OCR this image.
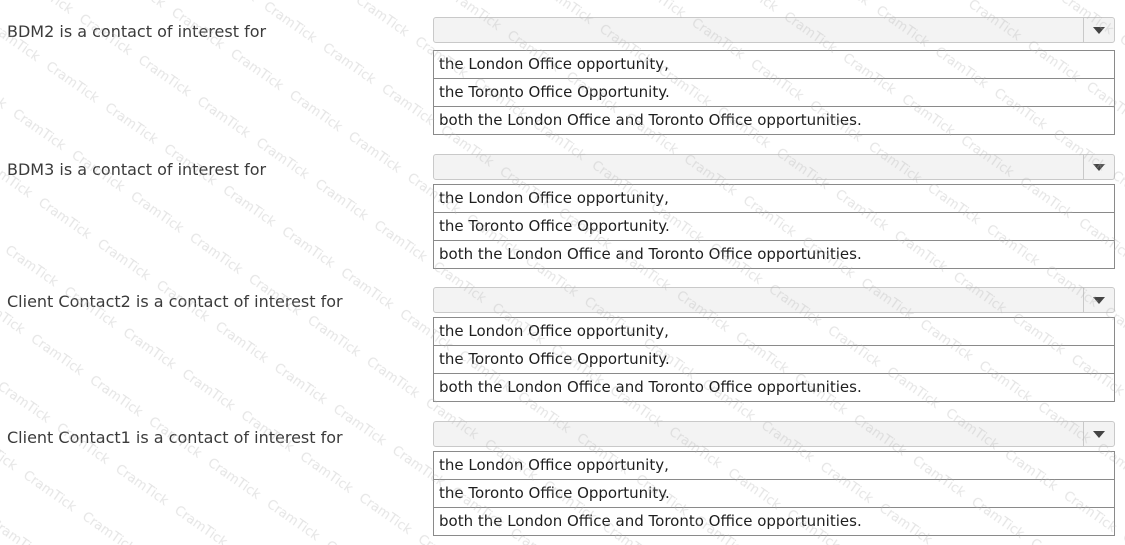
BDM2 is a contact of interest for
the London Office opportunity,
the Toronto Office Opportunity.
both the London Office and Toronto Office opportunities.
BDM3 is a contact of interest for
the London Office opportunity,
the Toronto Office Opportunity.
both the London Office and Toronto Office opportunities.
Client Contact2 is a contact of interest for
the London Office opportunity,
the Toronto Office Opportunity.
both the London Office and Toronto Office opportunities.
Client Contact1 is a contact of interest for
the London Office opportunity,
the Toronto Office Opportunity.
both the London Office and Toronto Office opportunities.
